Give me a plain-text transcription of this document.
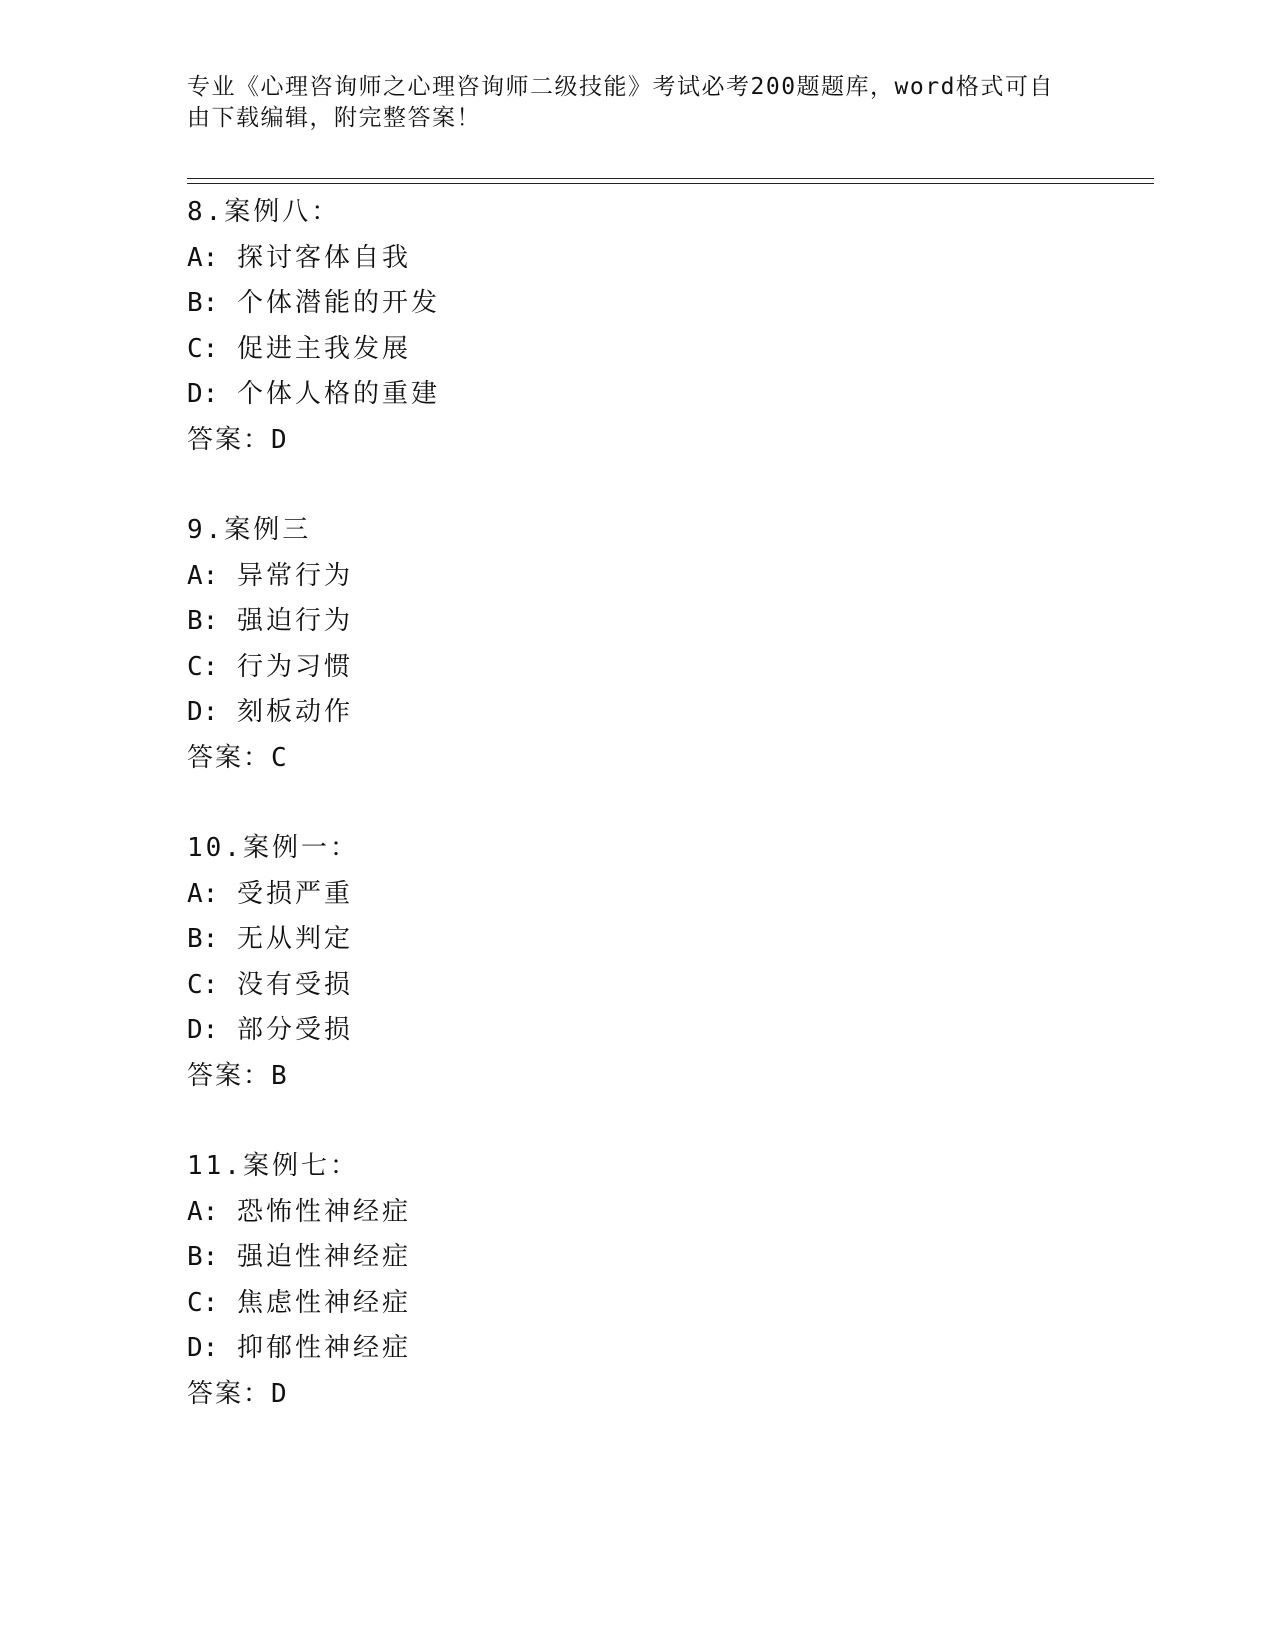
专业《心理咨询师之心理咨询师二级技能》考试必考200题题库，word格式可自由下载编辑，附完整答案！
8.案例八：
A: 探讨客体自我
B: 个体潜能的开发
C: 促进主我发展
D: 个体人格的重建
答案：D
9.案例三
A: 异常行为
B: 强迫行为
C: 行为习惯
D: 刻板动作
答案：C
10.案例一：
A: 受损严重
B: 无从判定
C: 没有受损
D: 部分受损
答案：B
11.案例七：
A: 恐怖性神经症
B: 强迫性神经症
C: 焦虑性神经症
D: 抑郁性神经症
答案：D
